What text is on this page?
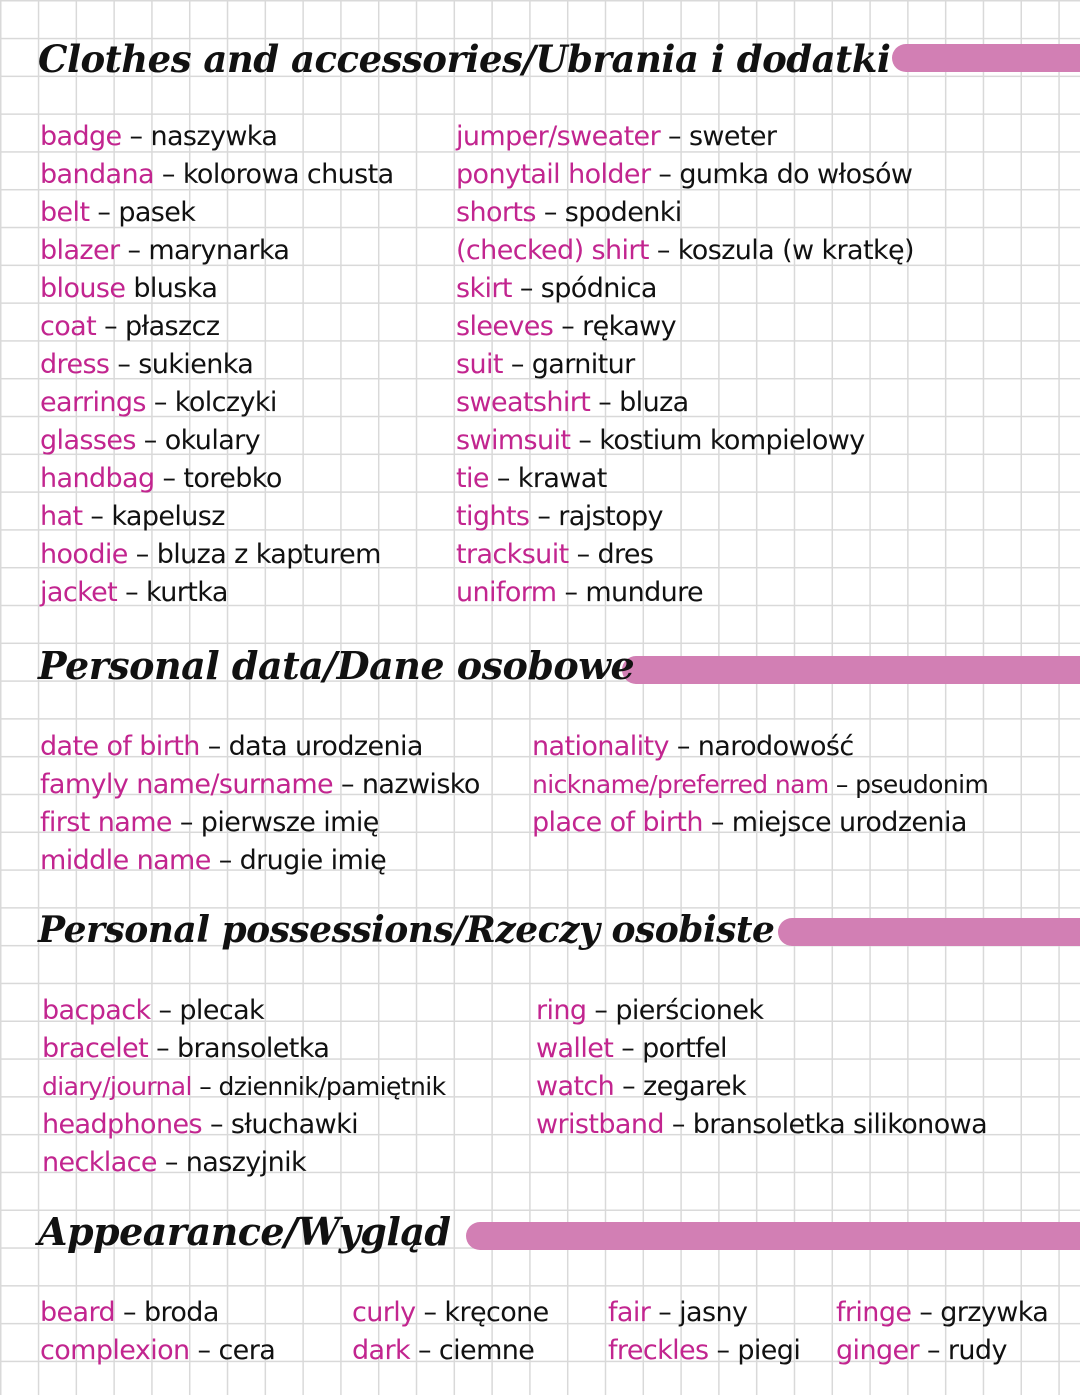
Clothes and accessories/Ubrania i dodatki
badge – naszywka
bandana – kolorowa chusta
belt – pasek
blazer – marynarka
blouse bluska
coat – płaszcz
dress – sukienka
earrings – kolczyki
glasses – okulary
handbag – torebko
hat – kapelusz
hoodie – bluza z kapturem
jacket – kurtka
jumper/sweater – sweter
ponytail holder – gumka do włosów
shorts – spodenki
(checked) shirt – koszula (w kratkę)
skirt – spódnica
sleeves – rękawy
suit – garnitur
sweatshirt – bluza
swimsuit – kostium kompielowy
tie – krawat
tights – rajstopy
tracksuit – dres
uniform – mundure
Personal data/Dane osobowe
date of birth – data urodzenia
famyly name/surname – nazwisko
first name – pierwsze imię
middle name – drugie imię
nationality – narodowość
nickname/preferred nam – pseudonim
place of birth – miejsce urodzenia
Personal possessions/Rzeczy osobiste
bacpack – plecak
bracelet – bransoletka
diary/journal – dziennik/pamiętnik
headphones – słuchawki
necklace – naszyjnik
ring – pierścionek
wallet – portfel
watch – zegarek
wristband – bransoletka silikonowa
Appearance/Wygląd
beard – broda
complexion – cera
curly – kręcone
dark – ciemne
fair – jasny
freckles – piegi
fringe – grzywka
ginger – rudy
